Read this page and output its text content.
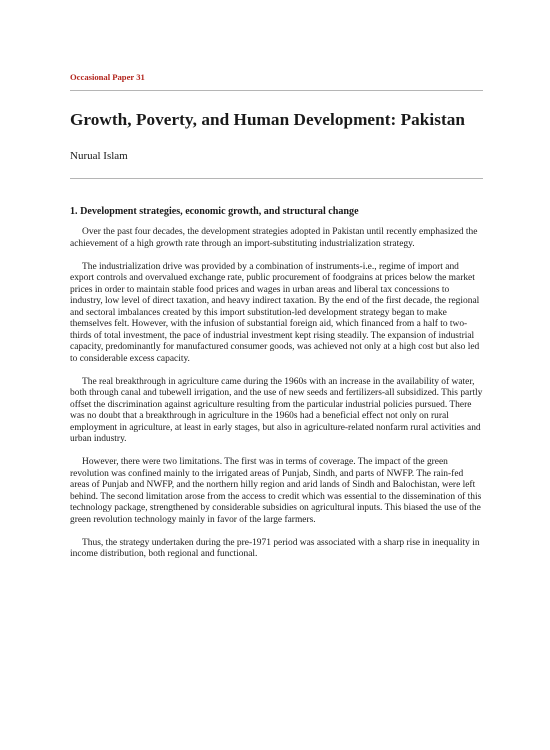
Occasional Paper 31
Growth, Poverty, and Human Development: Pakistan
Nurual Islam
1. Development strategies, economic growth, and structural change

Over the past four decades, the development strategies adopted in Pakistan until recently emphasized the achievement of a high growth rate through an import-substituting industrialization strategy.

The industrialization drive was provided by a combination of instruments-i.e., regime of import and export controls and overvalued exchange rate, public procurement of foodgrains at prices below the market prices in order to maintain stable food prices and wages in urban areas and liberal tax concessions to industry, low level of direct taxation, and heavy indirect taxation. By the end of the first decade, the regional and sectoral imbalances created by this import substitution-led development strategy began to make themselves felt. However, with the infusion of substantial foreign aid, which financed from a half to two-thirds of total investment, the pace of industrial investment kept rising steadily. The expansion of industrial capacity, predominantly for manufactured consumer goods, was achieved not only at a high cost but also led to considerable excess capacity.

The real breakthrough in agriculture came during the 1960s with an increase in the availability of water, both through canal and tubewell irrigation, and the use of new seeds and fertilizers-all subsidized. This partly offset the discrimination against agriculture resulting from the particular industrial policies pursued. There was no doubt that a breakthrough in agriculture in the 1960s had a beneficial effect not only on rural employment in agriculture, at least in early stages, but also in agriculture-related nonfarm rural activities and urban industry.

However, there were two limitations. The first was in terms of coverage. The impact of the green revolution was confined mainly to the irrigated areas of Punjab, Sindh, and parts of NWFP. The rain-fed areas of Punjab and NWFP, and the northern hilly region and arid lands of Sindh and Balochistan, were left behind. The second limitation arose from the access to credit which was essential to the dissemination of this technology package, strengthened by considerable subsidies on agricultural inputs. This biased the use of the green revolution technology mainly in favor of the large farmers.

Thus, the strategy undertaken during the pre-1971 period was associated with a sharp rise in inequality in income distribution, both regional and functional.
